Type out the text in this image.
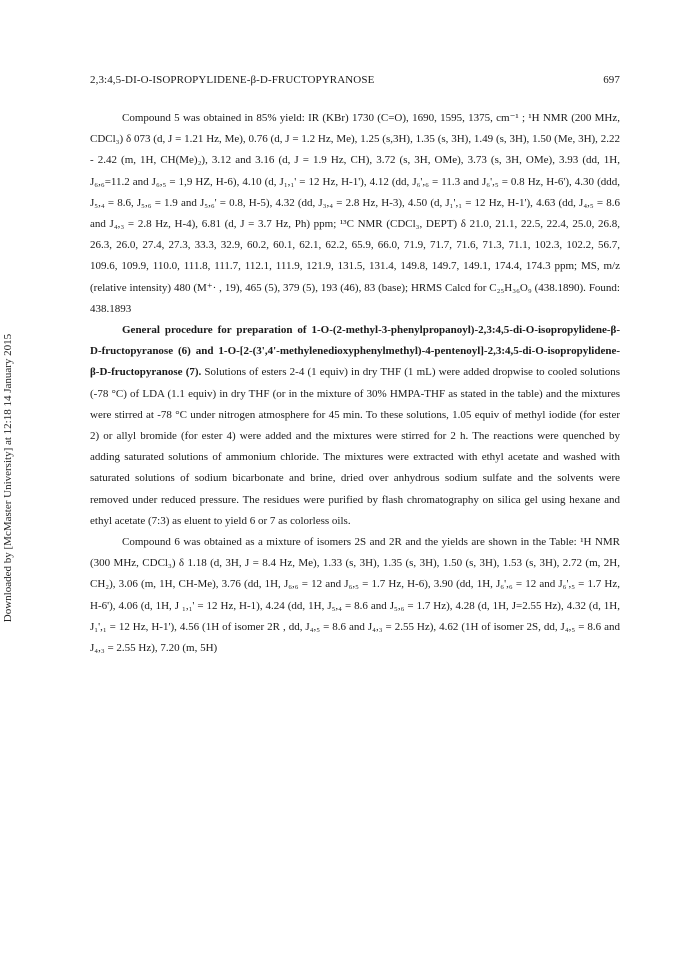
2,3:4,5-DI-O-ISOPROPYLIDENE-β-D-FRUCTOPYRANOSE	697
Downloaded by [McMaster University] at 12:18 14 January 2015

Compound 5 was obtained in 85% yield: IR (KBr) 1730 (C=O), 1690, 1595, 1375, cm⁻¹ ; ¹H NMR (200 MHz, CDCl₃) δ 073 (d, J = 1.21 Hz, Me), 0.76 (d, J = 1.2 Hz, Me), 1.25 (s,3H), 1.35 (s, 3H), 1.49 (s, 3H), 1.50 (Me, 3H), 2.22 - 2.42 (m, 1H, CH(Me)₂), 3.12 and 3.16 (d, J = 1.9 Hz, CH), 3.72 (s, 3H, OMe), 3.73 (s, 3H, OMe), 3.93 (dd, 1H, J₆,₆=11.2 and J₆,₅ = 1,9 HZ, H-6), 4.10 (d, J₁,₁' = 12 Hz, H-1'), 4.12 (dd, J₆',₆ = 11.3 and J₆',₅ = 0.8 Hz, H-6'), 4.30 (ddd, J₅,₄ = 8.6, J₅,₆ = 1.9 and J₅,₆' = 0.8, H-5), 4.32 (dd, J₃,₄ = 2.8 Hz, H-3), 4.50 (d, J₁',₁ = 12 Hz, H-1'), 4.63 (dd, J₄,₅ = 8.6 and J₄,₃ = 2.8 Hz, H-4), 6.81 (d, J = 3.7 Hz, Ph) ppm; ¹³C NMR (CDCl₃, DEPT) δ 21.0, 21.1, 22.5, 22.4, 25.0, 26.8, 26.3, 26.0, 27.4, 27.3, 33.3, 32.9, 60.2, 60.1, 62.1, 62.2, 65.9, 66.0, 71.9, 71.7, 71.6, 71.3, 71.1, 102.3, 102.2, 56.7, 109.6, 109.9, 110.0, 111.8, 111.7, 112.1, 111.9, 121.9, 131.5, 131.4, 149.8, 149.7, 149.1, 174.4, 174.3 ppm; MS, m/z (relative intensity) 480 (M⁺· , 19), 465 (5), 379 (5), 193 (46), 83 (base); HRMS Calcd for C₂₅H₃₆O₉ (438.1890). Found: 438.1893

General procedure for preparation of 1-O-(2-methyl-3-phenylpropanoyl)-2,3:4,5-di-O-isopropylidene-β-D-fructopyranose (6) and 1-O-[2-(3',4'-methylenedioxyphenylmethyl)-4-pentenoyl]-2,3:4,5-di-O-isopropylidene-β-D-fructopyranose (7). Solutions of esters 2-4 (1 equiv) in dry THF (1 mL) were added dropwise to cooled solutions (-78 °C) of LDA (1.1 equiv) in dry THF (or in the mixture of 30% HMPA-THF as stated in the table) and the mixtures were stirred at -78 °C under nitrogen atmosphere for 45 min. To these solutions, 1.05 equiv of methyl iodide (for ester 2) or allyl bromide (for ester 4) were added and the mixtures were stirred for 2 h. The reactions were quenched by adding saturated solutions of ammonium chloride. The mixtures were extracted with ethyl acetate and washed with saturated solutions of sodium bicarbonate and brine, dried over anhydrous sodium sulfate and the solvents were removed under reduced pressure. The residues were purified by flash chromatography on silica gel using hexane and ethyl acetate (7:3) as eluent to yield 6 or 7 as colorless oils.

Compound 6 was obtained as a mixture of isomers 2S and 2R and the yields are shown in the Table: ¹H NMR (300 MHz, CDCl₃) δ 1.18 (d, 3H, J = 8.4 Hz, Me), 1.33 (s, 3H), 1.35 (s, 3H), 1.50 (s, 3H), 1.53 (s, 3H), 2.72 (m, 2H, CH₂), 3.06 (m, 1H, CH-Me), 3.76 (dd, 1H, J₆,₆ = 12 and J₆,₅ = 1.7 Hz, H-6), 3.90 (dd, 1H, J₆',₆ = 12 and J₆',₅ = 1.7 Hz, H-6'), 4.06 (d, 1H, J ₁,₁' = 12 Hz, H-1), 4.24 (dd, 1H, J₅,₄ = 8.6 and J₅,₆ = 1.7 Hz), 4.28 (d, 1H, J=2.55 Hz), 4.32 (d, 1H, J₁',₁ = 12 Hz, H-1'), 4.56 (1H of isomer 2R , dd, J₄,₅ = 8.6 and J₄,₃ = 2.55 Hz), 4.62 (1H of isomer 2S, dd, J₄,₅ = 8.6 and J₄,₃ = 2.55 Hz), 7.20 (m, 5H)
